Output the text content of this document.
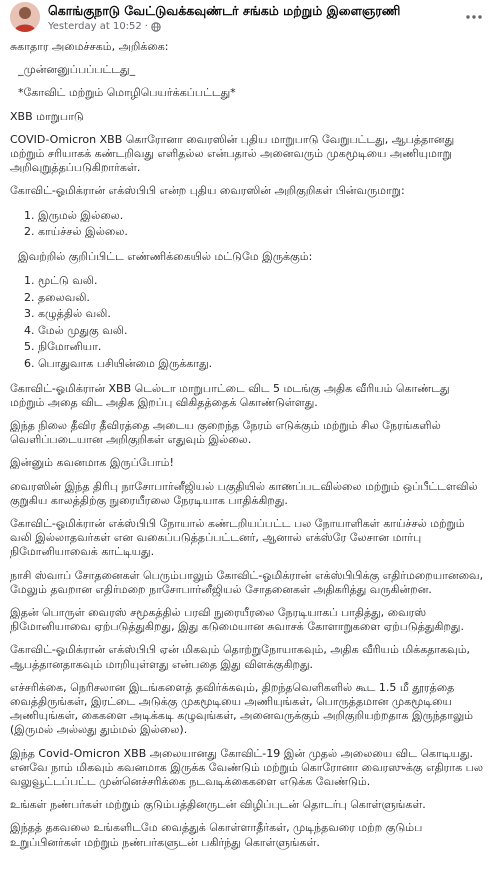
கொங்குநாடு வேட்டுவக்கவுண்டர் சங்கம் மற்றும் இளைஞரணி
Yesterday at 10:52 ·

சுகாதார அமைச்சகம், அறிக்கை:

_முன்னனுப்பப்பட்டது_

*கோவிட் மற்றும் மொழிபெயர்க்கப்பட்டது*

XBB மாறுபாடு

COVID-Omicron XBB கொரோனா வைரஸின் புதிய மாறுபாடு வேறுபட்டது, ஆபத்தானது மற்றும் சரியாகக் கண்டறிவது எளிதல்ல என்பதால் அனைவரும் முகமூடியை அணியுமாறு அறிவுறுத்தப்படுகிறார்கள்.

கோவிட்-ஓமிக்ரான் எக்ஸ்பிபி என்ற புதிய வைரஸின் அறிகுறிகள் பின்வருமாறு:

1. இருமல் இல்லை.
2. காய்ச்சல் இல்லை.

இவற்றில் குறிப்பிட்ட எண்ணிக்கையில் மட்டுமே இருக்கும்:

1. மூட்டு வலி.
2. தலைவலி.
3. கழுத்தில் வலி.
4. மேல் முதுகு வலி.
5. நிமோனியா.
6. பொதுவாக பசியின்மை இருக்காது.

கோவிட்-ஓமிக்ரான் XBB டெல்டா மாறுபாட்டை விட 5 மடங்கு அதிக வீரியம் கொண்டது மற்றும் அதை விட அதிக இறப்பு விகிதத்தைக் கொண்டுள்ளது.

இந்த நிலை தீவிர தீவிரத்தை அடைய குறைந்த நேரம் எடுக்கும் மற்றும் சில நேரங்களில் வெளிப்படையான அறிகுறிகள் எதுவும் இல்லை.

இன்னும் கவனமாக இருப்போம்!

வைரஸின் இந்த திரிபு நாசோபார்னீஜியல் பகுதியில் காணப்படவில்லை மற்றும் ஒப்பீட்டளவில் குறுகிய காலத்திற்கு நுரையீரலை நேரடியாக பாதிக்கிறது.

கோவிட்-ஓமிக்ரான் எக்ஸ்பிபி நோயால் கண்டறியப்பட்ட பல நோயாளிகள் காய்ச்சல் மற்றும் வலி இல்லாதவர்கள் என வகைப்படுத்தப்பட்டனர், ஆனால் எக்ஸ்ரே லேசான மார்பு நிமோனியாவைக் காட்டியது.

நாசி ஸ்வாப் சோதனைகள் பெரும்பாலும் கோவிட்-ஓமிக்ரான் எக்ஸ்பிபிக்கு எதிர்மறையானவை, மேலும் தவறான எதிர்மறை நாசோபார்னீஜியல் சோதனைகள் அதிகரித்து வருகின்றன.

இதன் பொருள் வைரஸ் சமூகத்தில் பரவி நுரையீரலை நேரடியாகப் பாதித்து, வைரஸ் நிமோனியாவை ஏற்படுத்துகிறது, இது கடுமையான சுவாசக் கோளாறுகளை ஏற்படுத்துகிறது.

கோவிட்-ஓமிக்ரான் எக்ஸ்பிபி ஏன் மிகவும் தொற்றுநோயாகவும், அதிக வீரியம் மிக்கதாகவும், ஆபத்தானதாகவும் மாறியுள்ளது என்பதை இது விளக்குகிறது.

எச்சரிக்கை, நெரிசலான இடங்களைத் தவிர்க்கவும், திறந்தவெளிகளில் கூட 1.5 மீ தூரத்தை வைத்திருங்கள், இரட்டை அடுக்கு முகமூடியை அணியுங்கள், பொருத்தமான முகமூடியை அணியுங்கள், கைகளை அடிக்கடி கழுவுங்கள், அனைவருக்கும் அறிகுறியற்றதாக இருந்தாலும் (இருமல் அல்லது தும்மல் இல்லை).

இந்த Covid-Omicron XBB அலையானது கோவிட்-19 இன் முதல் அலையை விட கொடியது. எனவே நாம் மிகவும் கவனமாக இருக்க வேண்டும் மற்றும் கொரோனா வைரஸுக்கு எதிராக பல வலுவூட்டப்பட்ட முன்னெச்சரிக்கை நடவடிக்கைகளை எடுக்க வேண்டும்.

உங்கள் நண்பர்கள் மற்றும் குடும்பத்தினருடன் விழிப்புடன் தொடர்பு கொள்ளுங்கள்.

இந்தத் தகவலை உங்களிடமே வைத்துக் கொள்ளாதீர்கள், முடிந்தவரை மற்ற குடும்ப உறுப்பினர்கள் மற்றும் நண்பர்களுடன் பகிர்ந்து கொள்ளுங்கள்.
